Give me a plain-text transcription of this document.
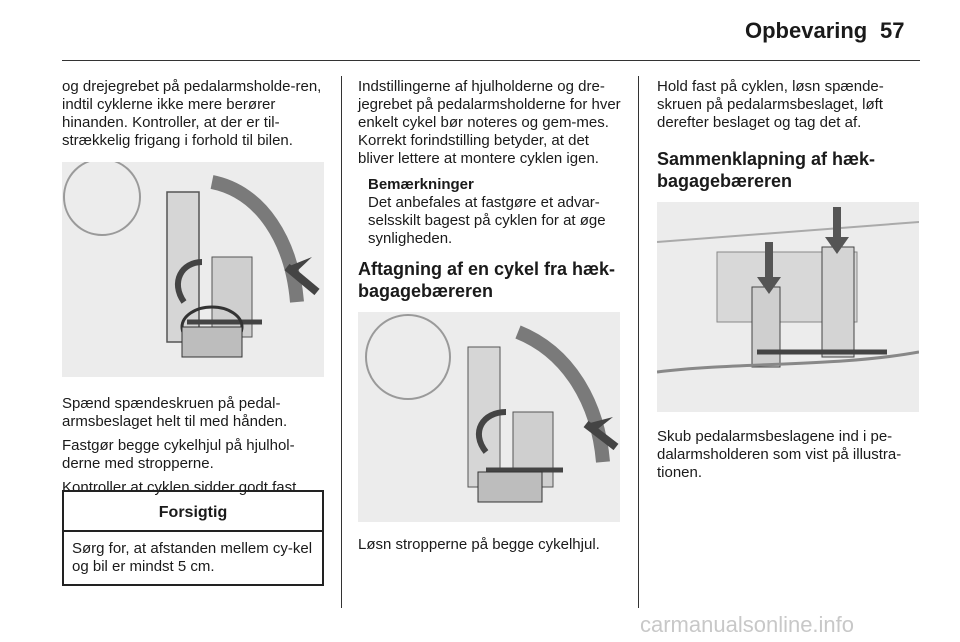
Opbevaring 57

og drejegrebet på pedalarmsholde-ren, indtil cyklerne ikke mere berører hinanden. Kontroller, at der er til-strækkelig frigang i forhold til bilen.

Spænd spændeskruen på pedal-armsbeslaget helt til med hånden.

Fastgør begge cykelhjul på hjulhol-derne med stropperne.

Kontroller at cyklen sidder godt fast.

Forsigtig
Sørg for, at afstanden mellem cy-kel og bil er mindst 5 cm.

Indstillingerne af hjulholderne og dre-jegrebet på pedalarmsholderne for hver enkelt cykel bør noteres og gem-mes. Korrekt forindstilling betyder, at det bliver lettere at montere cyklen igen.

Bemærkninger

Det anbefales at fastgøre et advar-selsskilt bagest på cyklen for at øge synligheden.

Aftagning af en cykel fra hæk-bagagebæreren

Løsn stropperne på begge cykelhjul.

Hold fast på cyklen, løsn spænde-skruen på pedalarmsbeslaget, løft derefter beslaget og tag det af.

Sammenklapning af hæk-bagagebæreren

Skub pedalarmsbeslagene ind i pe-dalarmsholderen som vist på illustra-tionen.

carmanualsonline.info
